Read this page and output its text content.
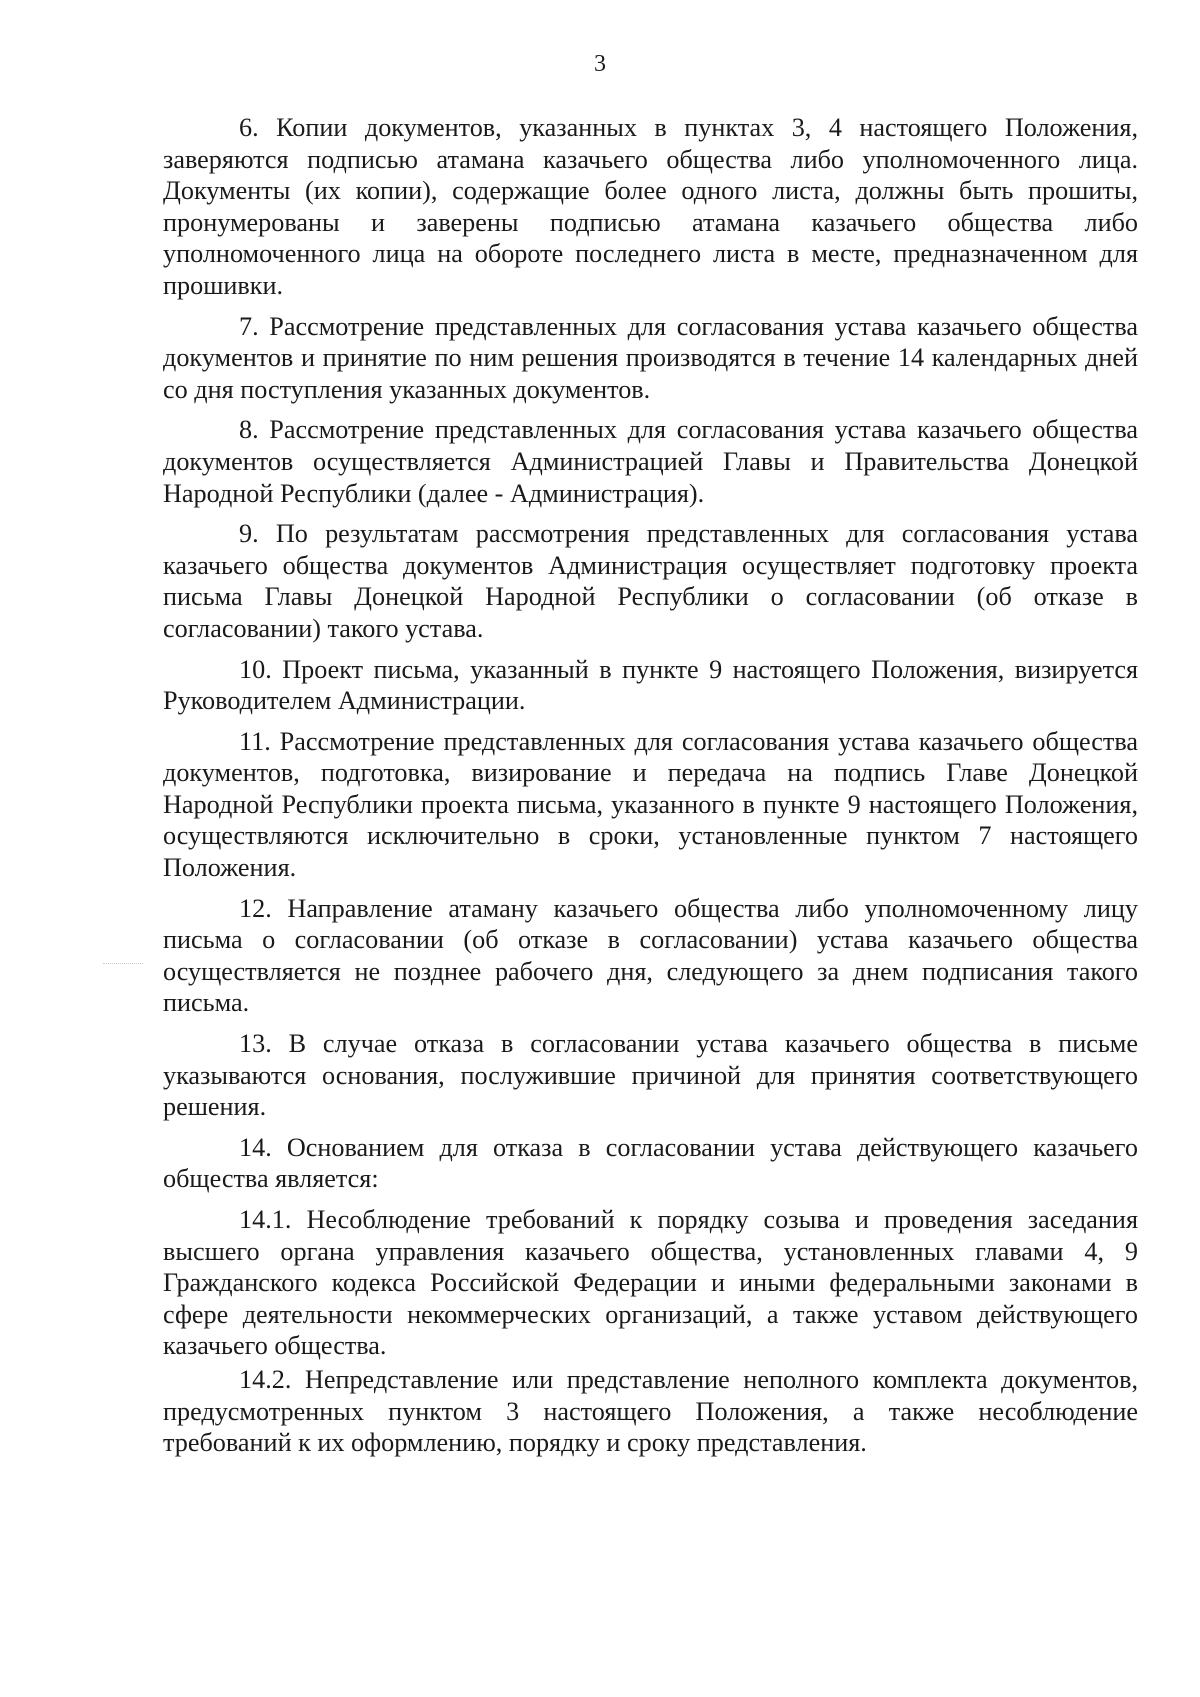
3

6. Копии документов, указанных в пунктах 3, 4 настоящего Положения, заверяются подписью атамана казачьего общества либо уполномоченного лица. Документы (их копии), содержащие более одного листа, должны быть прошиты, пронумерованы и заверены подписью атамана казачьего общества либо уполномоченного лица на обороте последнего листа в месте, предназначенном для прошивки.

7. Рассмотрение представленных для согласования устава казачьего общества документов и принятие по ним решения производятся в течение 14 календарных дней со дня поступления указанных документов.

8. Рассмотрение представленных для согласования устава казачьего общества документов осуществляется Администрацией Главы и Правительства Донецкой Народной Республики (далее - Администрация).

9. По результатам рассмотрения представленных для согласования устава казачьего общества документов Администрация осуществляет подготовку проекта письма Главы Донецкой Народной Республики о согласовании (об отказе в согласовании) такого устава.

10. Проект письма, указанный в пункте 9 настоящего Положения, визируется Руководителем Администрации.

11. Рассмотрение представленных для согласования устава казачьего общества документов, подготовка, визирование и передача на подпись Главе Донецкой Народной Республики проекта письма, указанного в пункте 9 настоящего Положения, осуществляются исключительно в сроки, установленные пунктом 7 настоящего Положения.

12. Направление атаману казачьего общества либо уполномоченному лицу письма о согласовании (об отказе в согласовании) устава казачьего общества осуществляется не позднее рабочего дня, следующего за днем подписания такого письма.

13. В случае отказа в согласовании устава казачьего общества в письме указываются основания, послужившие причиной для принятия соответствующего решения.

14. Основанием для отказа в согласовании устава действующего казачьего общества является:

14.1. Несоблюдение требований к порядку созыва и проведения заседания высшего органа управления казачьего общества, установленных главами 4, 9 Гражданского кодекса Российской Федерации и иными федеральными законами в сфере деятельности некоммерческих организаций, а также уставом действующего казачьего общества.

14.2. Непредставление или представление неполного комплекта документов, предусмотренных пунктом 3 настоящего Положения, а также несоблюдение требований к их оформлению, порядку и сроку представления.
